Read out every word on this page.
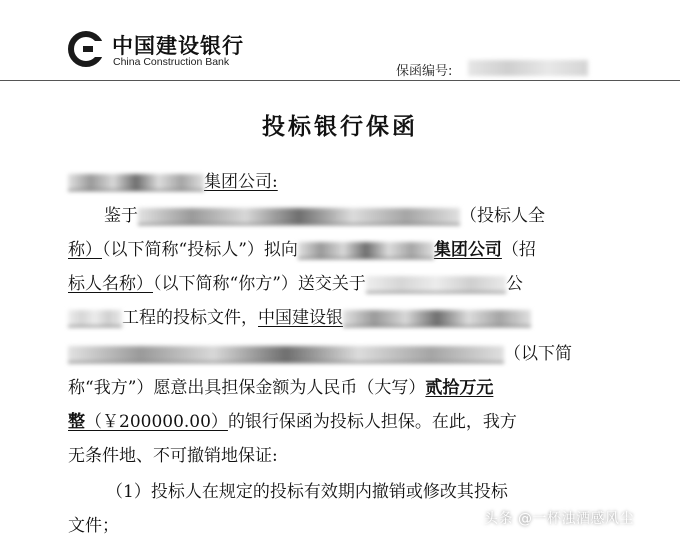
中国建设银行
China Construction Bank
保函编号:
投标银行保函
集团公司:
鉴于	（投标人全
称）（以下简称“投标人”）拟向	集团公司（招
标人名称）（以下简称“你方”）送交关于	公
工程的投标文件，中国建设银
（以下简
称“我方”）愿意出具担保金额为人民币（大写）贰拾万元
整（￥200000.00）的银行保函为投标人担保。在此，我方
无条件地、不可撤销地保证:
（1）投标人在规定的投标有效期内撤销或修改其投标
文件；	头条 @一杯浊酒感风尘
